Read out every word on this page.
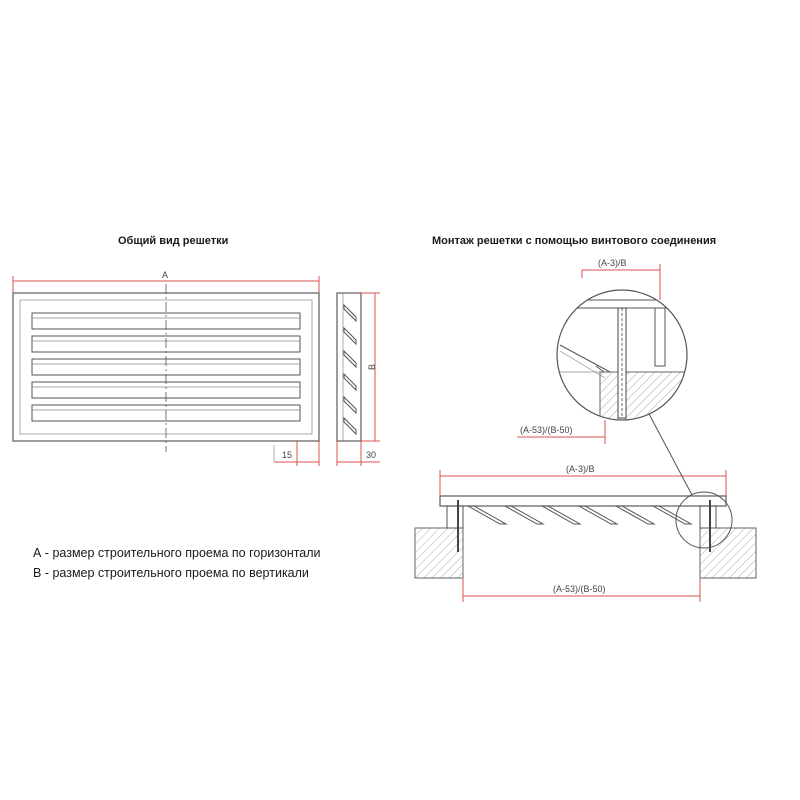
Общий вид решетки	Монтаж решетки с помощью винтового соединения
А - размер строительного проема по горизонтали
В - размер строительного проема по вертикали
A
15
B
30
(A-3)/B
(A-53)/(B-50)
(A-3)/B
(A-53)/(B-50)
